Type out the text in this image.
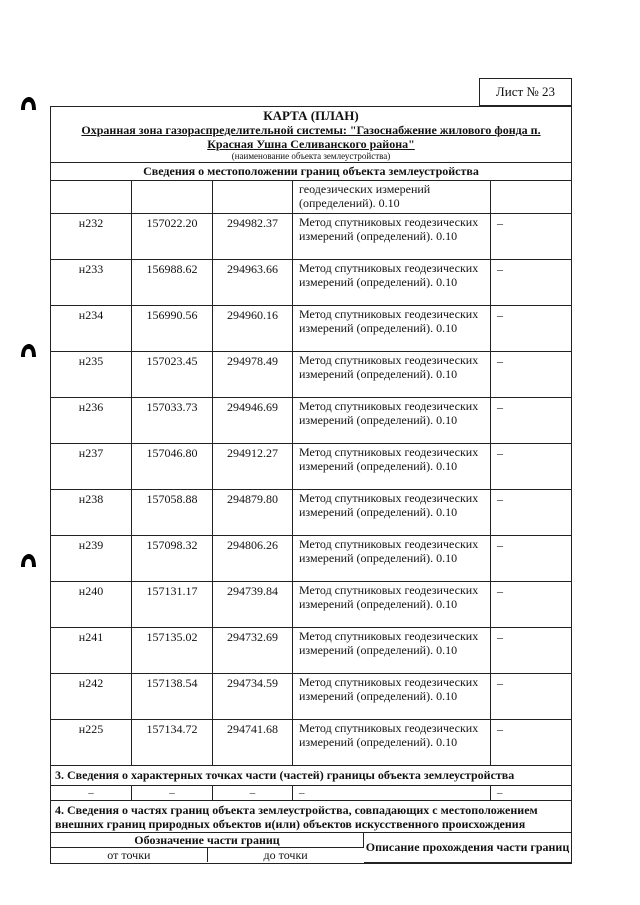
Лист № 23
КАРТА (ПЛАН)
Охранная зона газораспределительной системы: "Газоснабжение жилового фонда п. Красная Ушна Селиванского района"
(наименование объекта землеустройства)
Сведения о местоположении границ объекта землеустройства
			геодезических измерений (определений). 0.10	
н232	157022.20	294982.37	Метод спутниковых геодезических измерений (определений). 0.10	–
н233	156988.62	294963.66	Метод спутниковых геодезических измерений (определений). 0.10	–
н234	156990.56	294960.16	Метод спутниковых геодезических измерений (определений). 0.10	–
н235	157023.45	294978.49	Метод спутниковых геодезических измерений (определений). 0.10	–
н236	157033.73	294946.69	Метод спутниковых геодезических измерений (определений). 0.10	–
н237	157046.80	294912.27	Метод спутниковых геодезических измерений (определений). 0.10	–
н238	157058.88	294879.80	Метод спутниковых геодезических измерений (определений). 0.10	–
н239	157098.32	294806.26	Метод спутниковых геодезических измерений (определений). 0.10	–
н240	157131.17	294739.84	Метод спутниковых геодезических измерений (определений). 0.10	–
н241	157135.02	294732.69	Метод спутниковых геодезических измерений (определений). 0.10	–
н242	157138.54	294734.59	Метод спутниковых геодезических измерений (определений). 0.10	–
н225	157134.72	294741.68	Метод спутниковых геодезических измерений (определений). 0.10	–
3. Сведения о характерных точках части (частей) границы объекта землеустройства
–	–	–	–	–
4. Сведения о частях границ объекта землеустройства, совпадающих с местоположением внешних границ природных объектов и(или) объектов искусственного происхождения
Обозначение части границ		Описание прохождения части границ
от точки	до точки	
